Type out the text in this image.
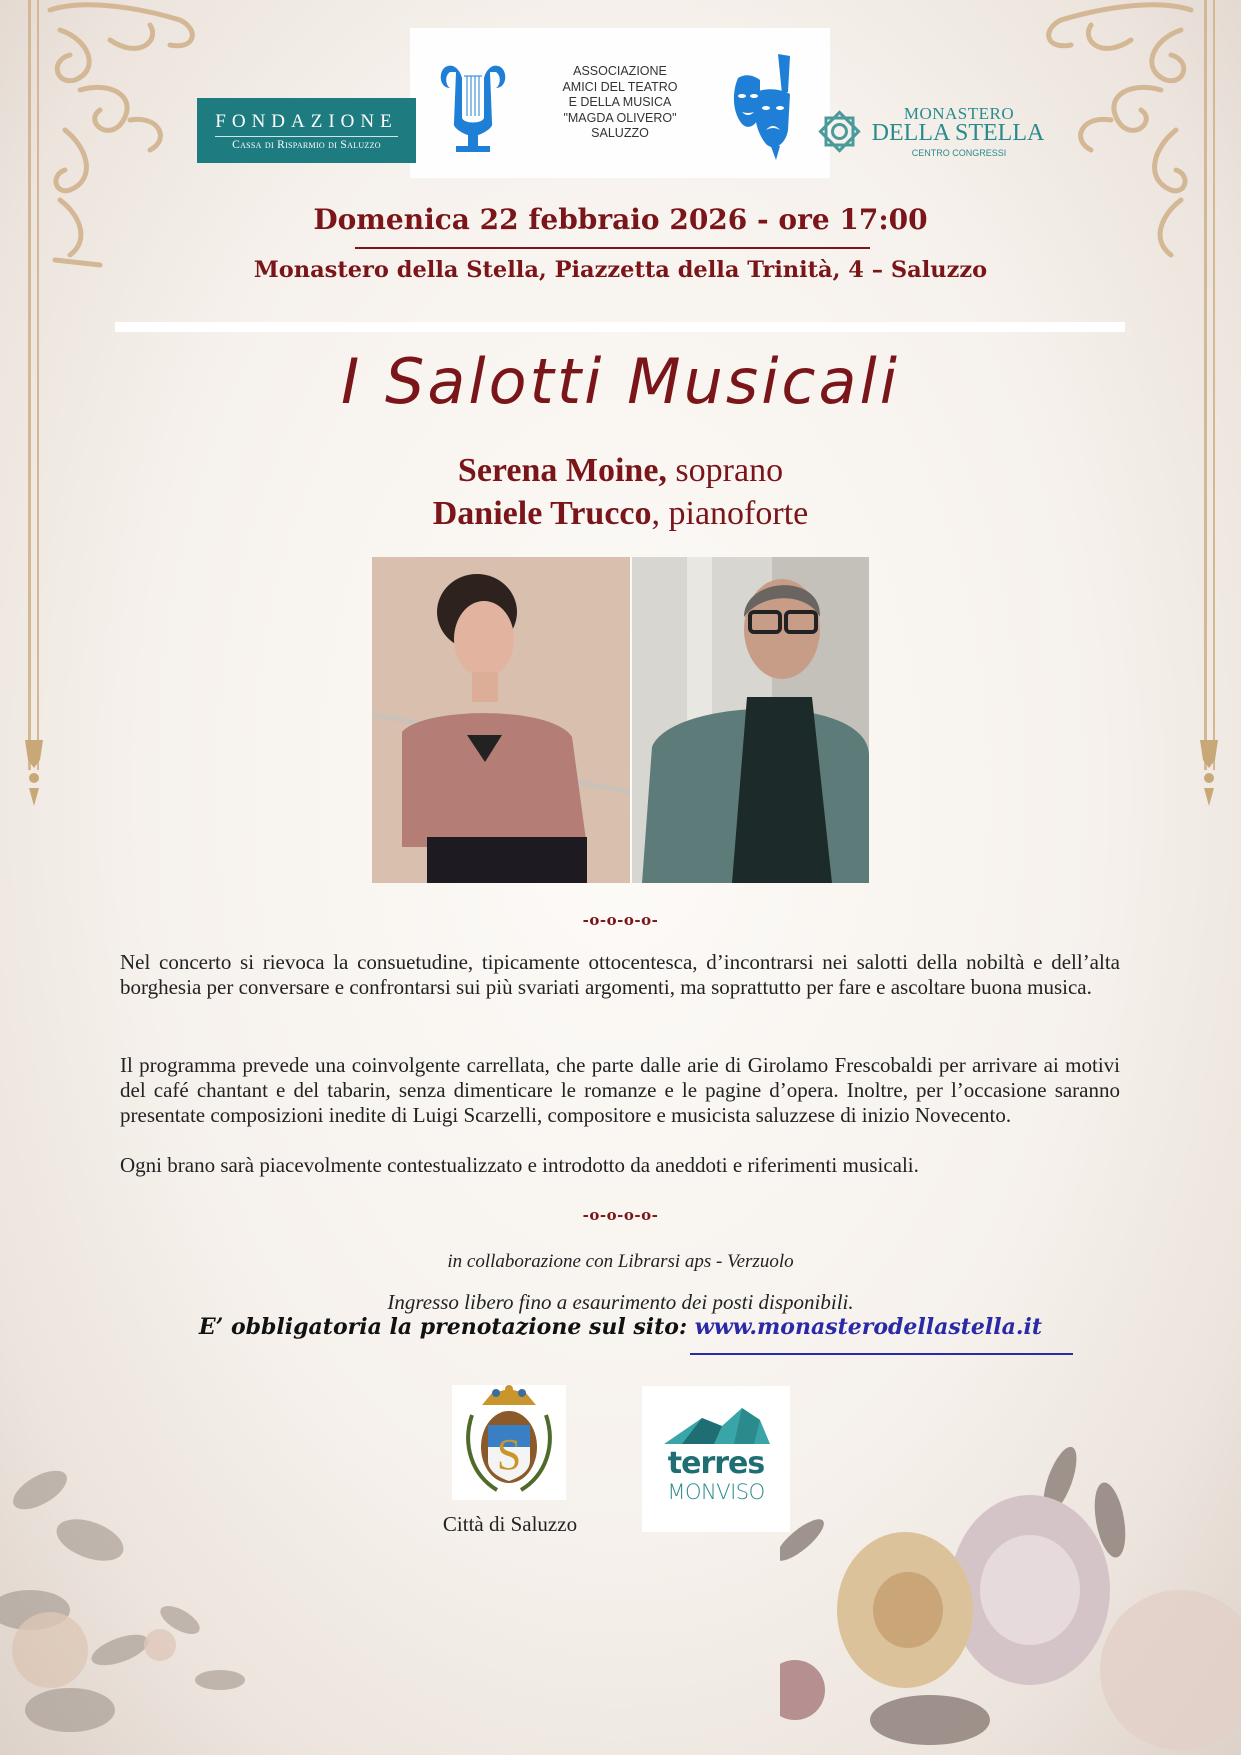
FONDAZIONE
Cassa di Risparmio di Saluzzo
ASSOCIAZIONE
AMICI DEL TEATRO
E DELLA MUSICA
"MAGDA OLIVERO"
SALUZZO
MONASTERO
DELLA STELLA
CENTRO CONGRESSI
Domenica 22 febbraio 2026 - ore 17:00
Monastero della Stella, Piazzetta della Trinità, 4 – Saluzzo
I Salotti Musicali
Serena Moine, soprano
Daniele Trucco, pianoforte
-o-o-o-o-

Nel concerto si rievoca la consuetudine, tipicamente ottocentesca, d’incontrarsi nei salotti della nobiltà e dell’alta borghesia per conversare e confrontarsi sui più svariati argomenti, ma soprattutto per fare e ascoltare buona musica.

Il programma prevede una coinvolgente carrellata, che parte dalle arie di Girolamo Frescobaldi per arrivare ai motivi del café chantant e del tabarin, senza dimenticare le romanze e le pagine d’opera. Inoltre, per l’occasione saranno presentate composizioni inedite di Luigi Scarzelli, compositore e musicista saluzzese di inizio Novecento.

Ogni brano sarà piacevolmente contestualizzato e introdotto da aneddoti e riferimenti musicali.

-o-o-o-o-
in collaborazione con Librarsi aps - Verzuolo
Ingresso libero fino a esaurimento dei posti disponibili.
E’ obbligatoria la prenotazione sul sito: www.monasterodellastella.it
S
Città di Saluzzo
terres
MONVISO
